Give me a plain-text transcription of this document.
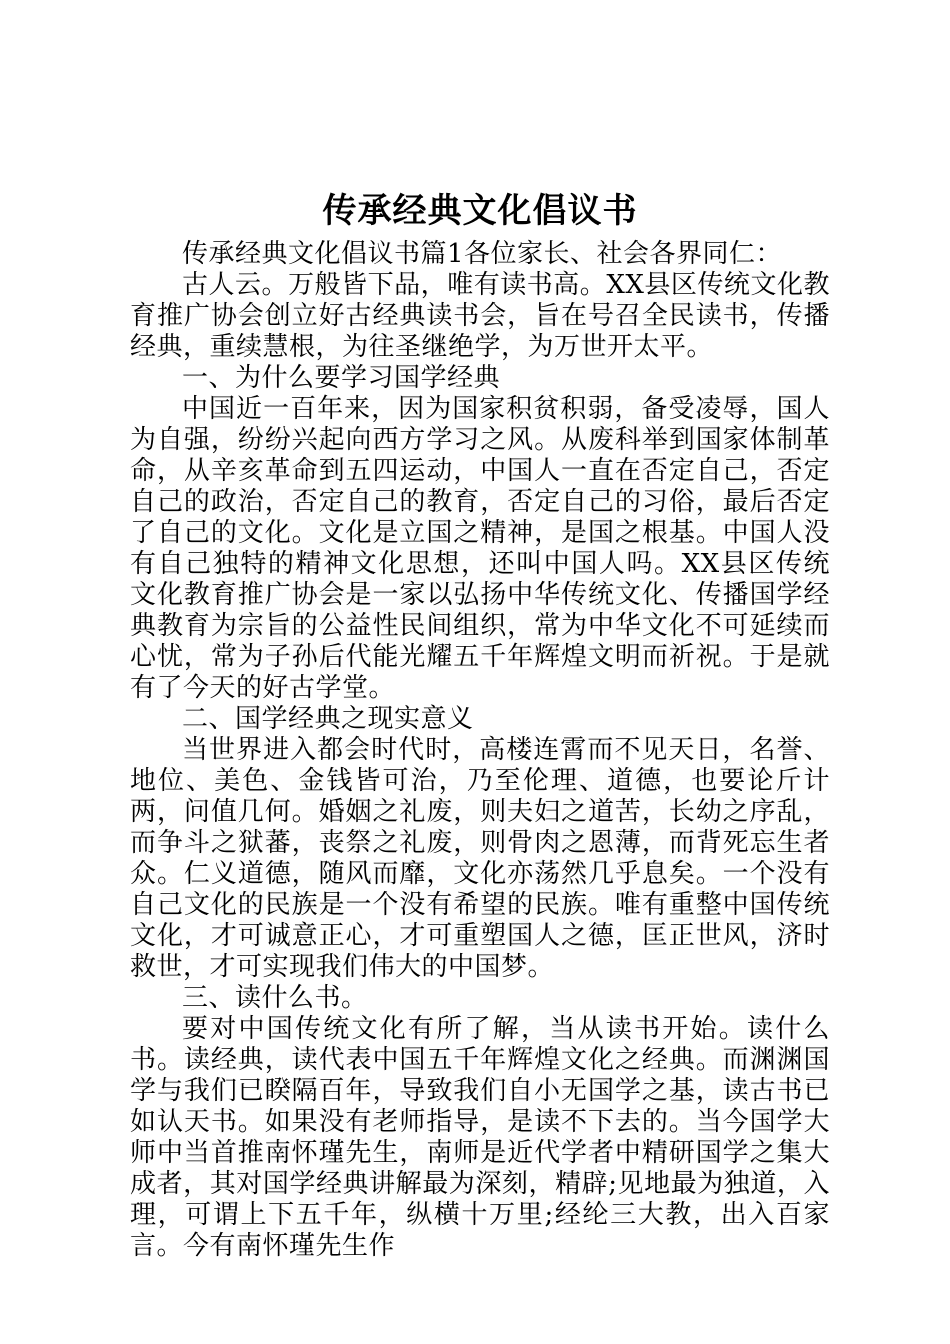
传承经典文化倡议书

传承经典文化倡议书篇1各位家长、社会各界同仁：

古人云。万般皆下品，唯有读书高。XX县区传统文化教育推广协会创立好古经典读书会，旨在号召全民读书，传播经典，重续慧根，为往圣继绝学，为万世开太平。

一、为什么要学习国学经典

中国近一百年来，因为国家积贫积弱，备受凌辱，国人为自强，纷纷兴起向西方学习之风。从废科举到国家体制革命，从辛亥革命到五四运动，中国人一直在否定自己，否定自己的政治，否定自己的教育，否定自己的习俗，最后否定了自己的文化。文化是立国之精神，是国之根基。中国人没有自己独特的精神文化思想，还叫中国人吗。XX县区传统文化教育推广协会是一家以弘扬中华传统文化、传播国学经典教育为宗旨的公益性民间组织，常为中华文化不可延续而心忧，常为子孙后代能光耀五千年辉煌文明而祈祝。于是就有了今天的好古学堂。

二、国学经典之现实意义

当世界进入都会时代时，高楼连霄而不见天日，名誉、地位、美色、金钱皆可治，乃至伦理、道德，也要论斤计两，问值几何。婚姻之礼废，则夫妇之道苦，长幼之序乱，而争斗之狱蕃，丧祭之礼废，则骨肉之恩薄，而背死忘生者众。仁义道德，随风而靡，文化亦荡然几乎息矣。一个没有自己文化的民族是一个没有希望的民族。唯有重整中国传统文化，才可诚意正心，才可重塑国人之德，匡正世风，济时救世，才可实现我们伟大的中国梦。

三、读什么书。

要对中国传统文化有所了解，当从读书开始。读什么书。读经典，读代表中国五千年辉煌文化之经典。而渊渊国学与我们已睽隔百年，导致我们自小无国学之基，读古书已如认天书。如果没有老师指导，是读不下去的。当今国学大师中当首推南怀瑾先生，南师是近代学者中精研国学之集大成者，其对国学经典讲解最为深刻，精辟;见地最为独道，入理，可谓上下五千年，纵横十万里;经纶三大教，出入百家言。今有南怀瑾先生作
